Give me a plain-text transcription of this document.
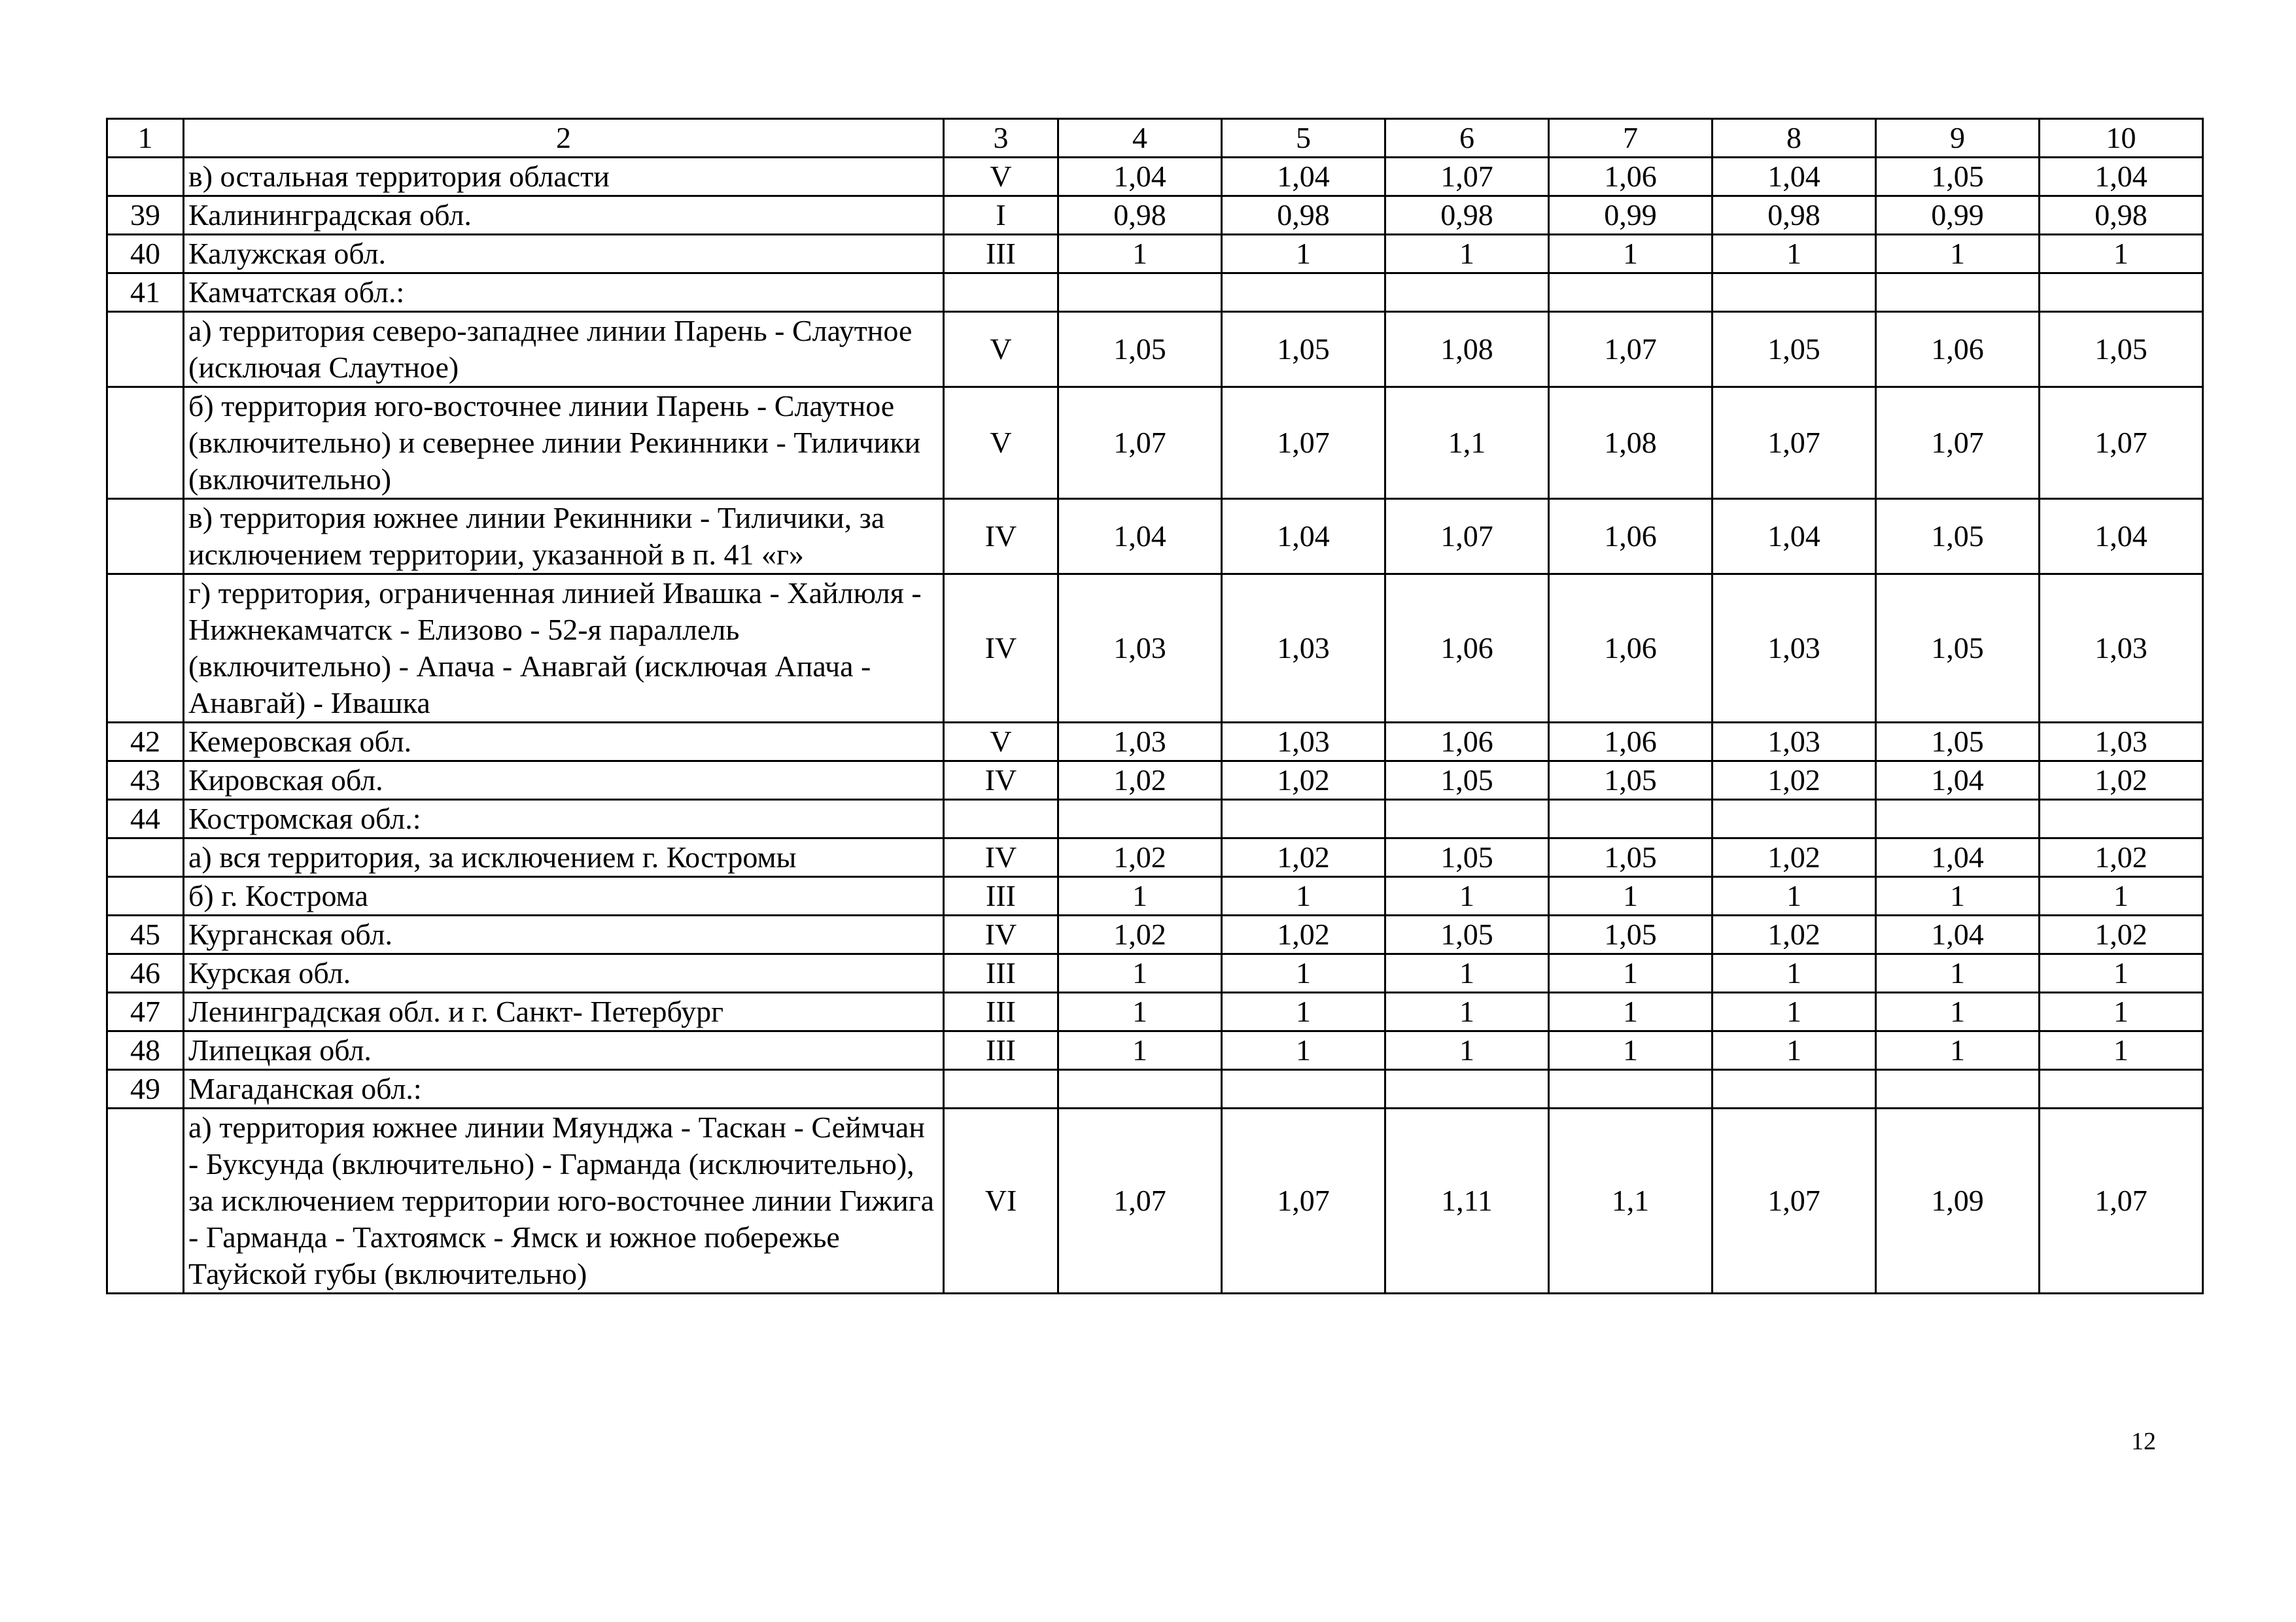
1	2	3	4	5	6	7	8	9	10
	в) остальная территория области	V	1,04	1,04	1,07	1,06	1,04	1,05	1,04
39	Калининградская обл.	I	0,98	0,98	0,98	0,99	0,98	0,99	0,98
40	Калужская обл.	III	1	1	1	1	1	1	1
41	Камчатская обл.:								
	а) территория северо-западнее линии Парень - Слаутное (исключая Слаутное)	V	1,05	1,05	1,08	1,07	1,05	1,06	1,05
	б) территория юго-восточнее линии Парень - Слаутное (включительно) и севернее линии Рекинники - Тиличики (включительно)	V	1,07	1,07	1,1	1,08	1,07	1,07	1,07
	в) территория южнее линии Рекинники - Тиличики, за исключением территории, указанной в п. 41 «г»	IV	1,04	1,04	1,07	1,06	1,04	1,05	1,04
	г) территория, ограниченная линией Ивашка - Хайлюля - Нижнекамчатск - Елизово - 52-я параллель (включительно) - Апача - Анавгай (исключая Апача - Анавгай) - Ивашка	IV	1,03	1,03	1,06	1,06	1,03	1,05	1,03
42	Кемеровская обл.	V	1,03	1,03	1,06	1,06	1,03	1,05	1,03
43	Кировская обл.	IV	1,02	1,02	1,05	1,05	1,02	1,04	1,02
44	Костромская обл.:								
	а) вся территория, за исключением г. Костромы	IV	1,02	1,02	1,05	1,05	1,02	1,04	1,02
	б) г. Кострома	III	1	1	1	1	1	1	1
45	Курганская обл.	IV	1,02	1,02	1,05	1,05	1,02	1,04	1,02
46	Курская обл.	III	1	1	1	1	1	1	1
47	Ленинградская обл. и г. Санкт- Петербург	III	1	1	1	1	1	1	1
48	Липецкая обл.	III	1	1	1	1	1	1	1
49	Магаданская обл.:								
	а) территория южнее линии Мяунджа - Таскан - Сеймчан - Буксунда (включительно) - Гарманда (исключительно), за исключением территории юго-восточнее линии Гижига - Гарманда - Тахтоямск - Ямск и южное побережье Тауйской губы (включительно)	VI	1,07	1,07	1,11	1,1	1,07	1,09	1,07
12
